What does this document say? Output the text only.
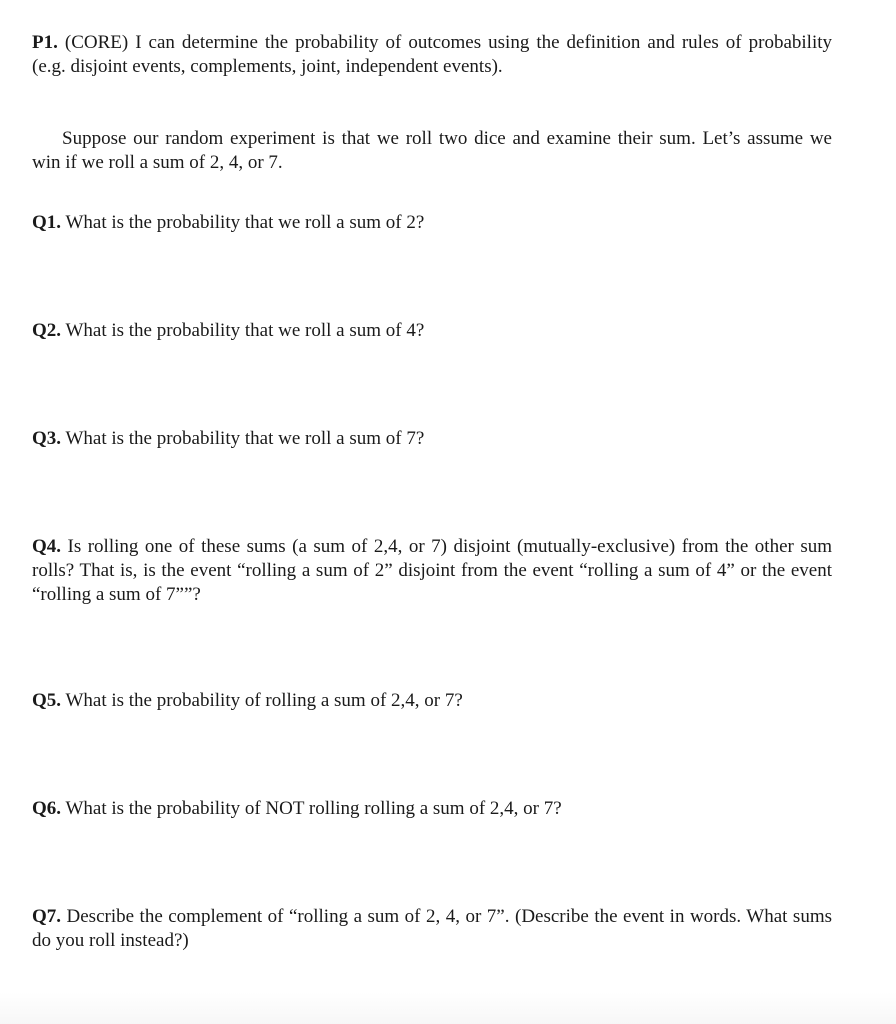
P1. (CORE) I can determine the probability of outcomes using the definition and rules of probability (e.g. disjoint events, complements, joint, independent events).
Suppose our random experiment is that we roll two dice and examine their sum. Let’s assume we win if we roll a sum of 2, 4, or 7.
Q1. What is the probability that we roll a sum of 2?
Q2. What is the probability that we roll a sum of 4?
Q3. What is the probability that we roll a sum of 7?
Q4. Is rolling one of these sums (a sum of 2,4, or 7) disjoint (mutually-exclusive) from the other sum rolls? That is, is the event “rolling a sum of 2” disjoint from the event “rolling a sum of 4” or the event “rolling a sum of 7””?
Q5. What is the probability of rolling a sum of 2,4, or 7?
Q6. What is the probability of NOT rolling rolling a sum of 2,4, or 7?
Q7. Describe the complement of “rolling a sum of 2, 4, or 7”. (Describe the event in words. What sums do you roll instead?)
